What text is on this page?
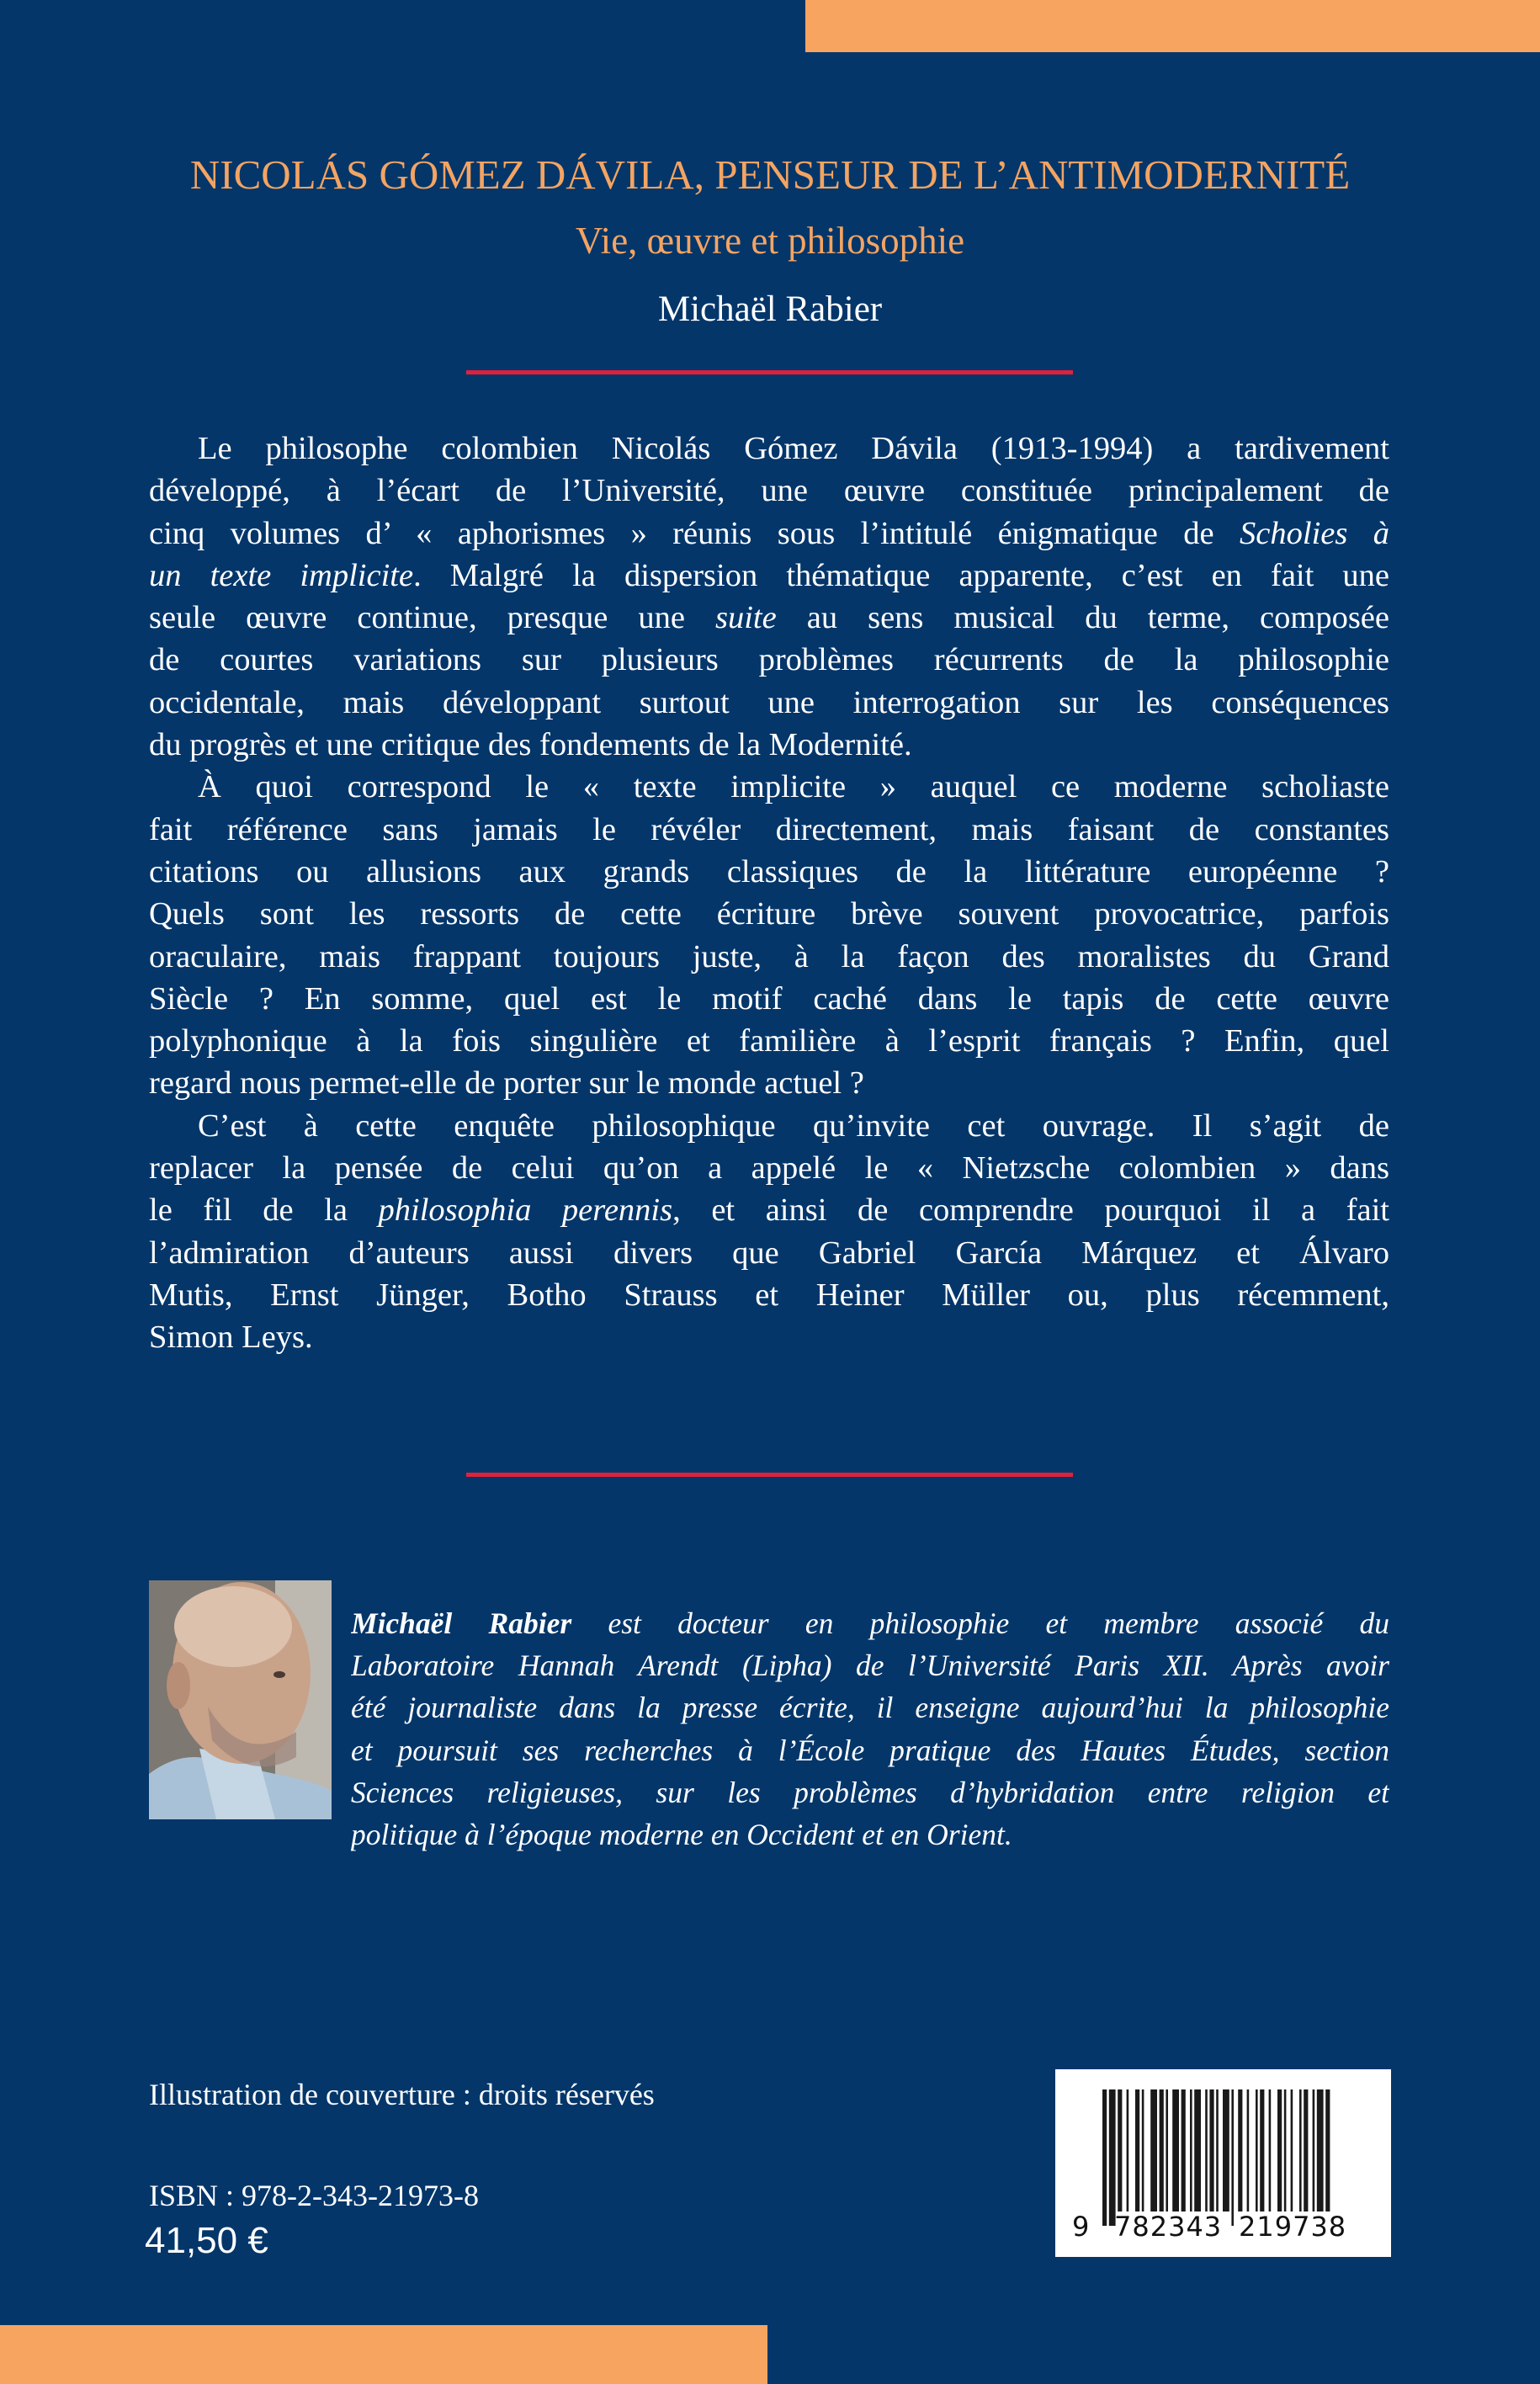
NICOLÁS GÓMEZ DÁVILA, PENSEUR DE L’ANTIMODERNITÉ
Vie, œuvre et philosophie
Michaël Rabier
Le philosophe colombien Nicolás Gómez Dávila (1913-1994) a tardivement
développé, à l’écart de l’Université, une œuvre constituée principalement de
cinq volumes d’ « aphorismes » réunis sous l’intitulé énigmatique de Scholies à
un texte implicite. Malgré la dispersion thématique apparente, c’est en fait une
seule œuvre continue, presque une suite au sens musical du terme, composée
de courtes variations sur plusieurs problèmes récurrents de la philosophie
occidentale, mais développant surtout une interrogation sur les conséquences
du progrès et une critique des fondements de la Modernité.
À quoi correspond le « texte implicite » auquel ce moderne scholiaste
fait référence sans jamais le révéler directement, mais faisant de constantes
citations ou allusions aux grands classiques de la littérature européenne ?
Quels sont les ressorts de cette écriture brève souvent provocatrice, parfois
oraculaire, mais frappant toujours juste, à la façon des moralistes du Grand
Siècle ? En somme, quel est le motif caché dans le tapis de cette œuvre
polyphonique à la fois singulière et familière à l’esprit français ? Enfin, quel
regard nous permet-elle de porter sur le monde actuel ?
C’est à cette enquête philosophique qu’invite cet ouvrage. Il s’agit de
replacer la pensée de celui qu’on a appelé le « Nietzsche colombien » dans
le fil de la philosophia perennis, et ainsi de comprendre pourquoi il a fait
l’admiration d’auteurs aussi divers que Gabriel García Márquez et Álvaro
Mutis, Ernst Jünger, Botho Strauss et Heiner Müller ou, plus récemment,
Simon Leys.
Michaël Rabier est docteur en philosophie et membre associé du
Laboratoire Hannah Arendt (Lipha) de l’Université Paris XII. Après avoir
été journaliste dans la presse écrite, il enseigne aujourd’hui la philosophie
et poursuit ses recherches à l’École pratique des Hautes Études, section
Sciences religieuses, sur les problèmes d’hybridation entre religion et
politique à l’époque moderne en Occident et en Orient.
Illustration de couverture : droits réservés
ISBN : 978-2-343-21973-8
41,50 €	9 782343 219738
